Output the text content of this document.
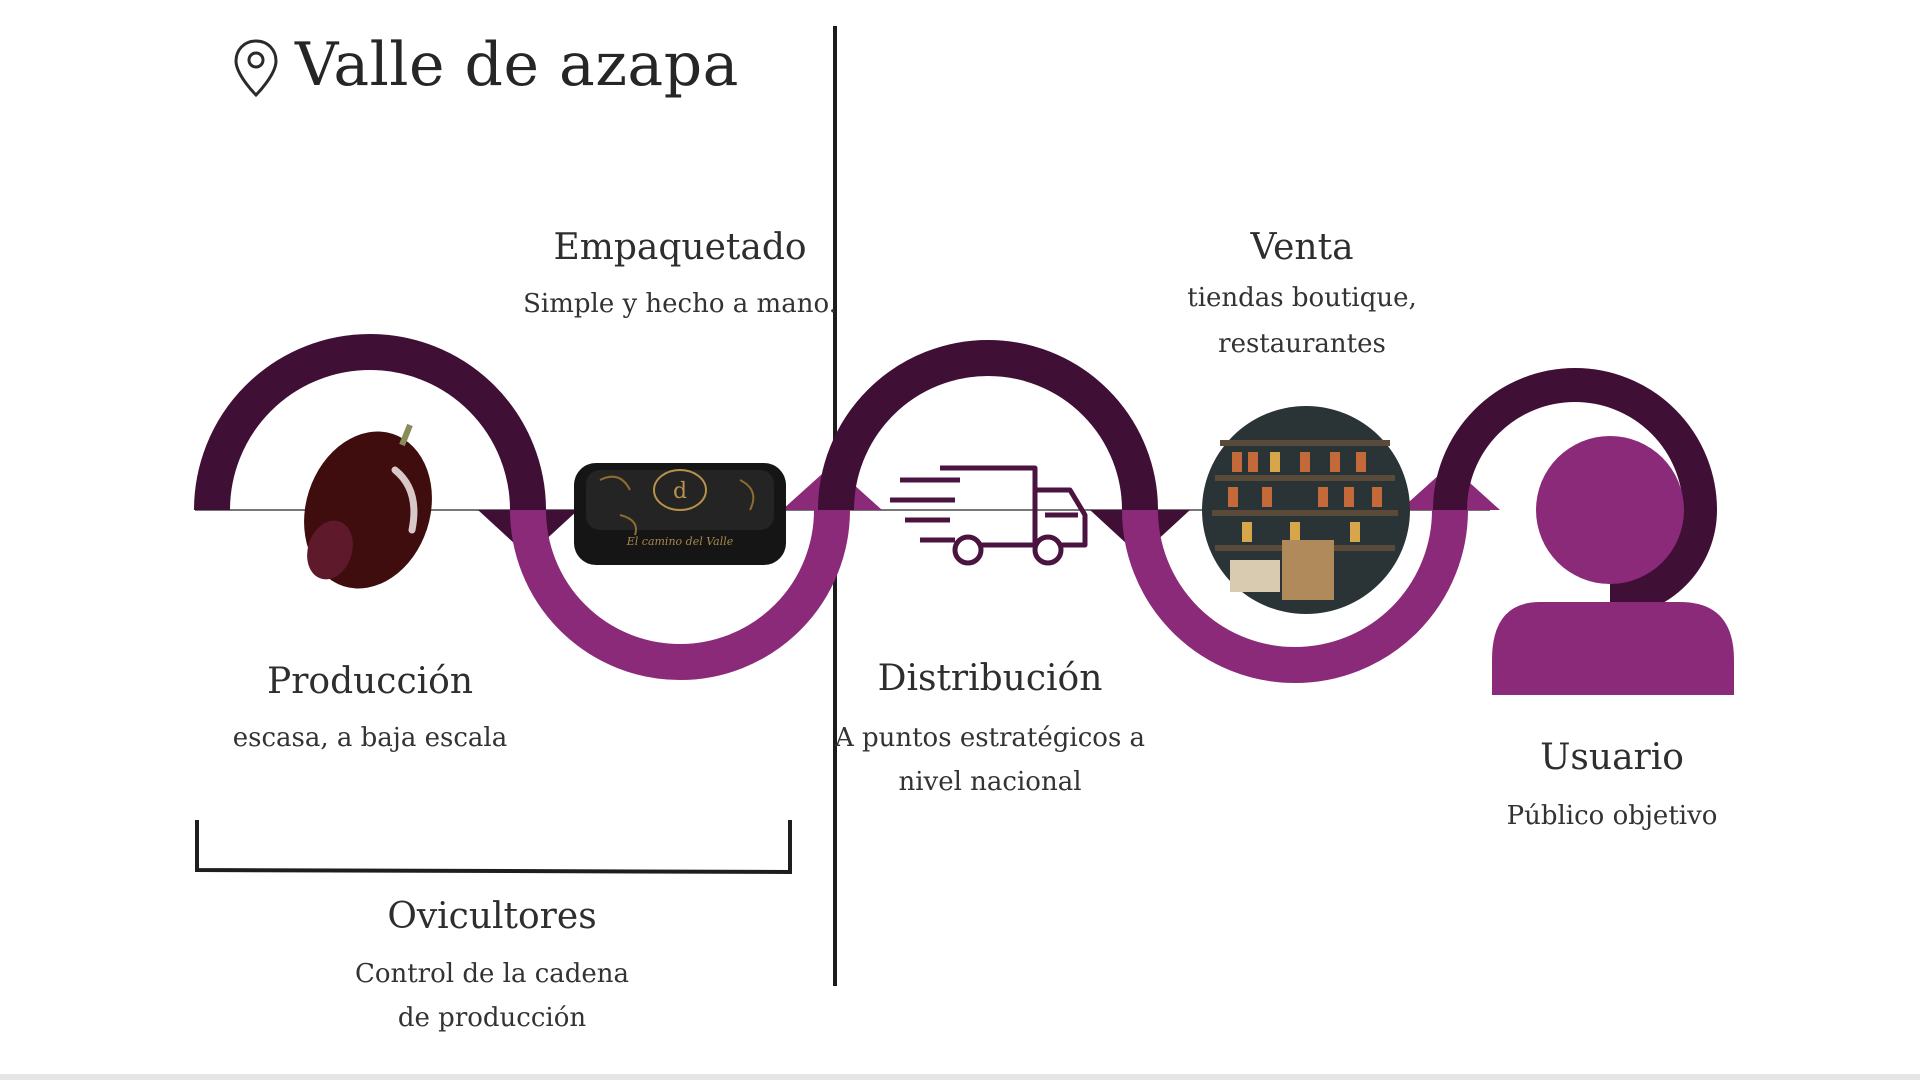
Valle de azapa
d
El camino del Valle
Producción
escasa, a baja escala
Empaquetado
Simple y hecho a mano.
Distribución
A puntos estratégicos a
nivel nacional
Venta
tiendas boutique,
restaurantes
Usuario
Público objetivo
Ovicultores
Control de la cadena
de producción
